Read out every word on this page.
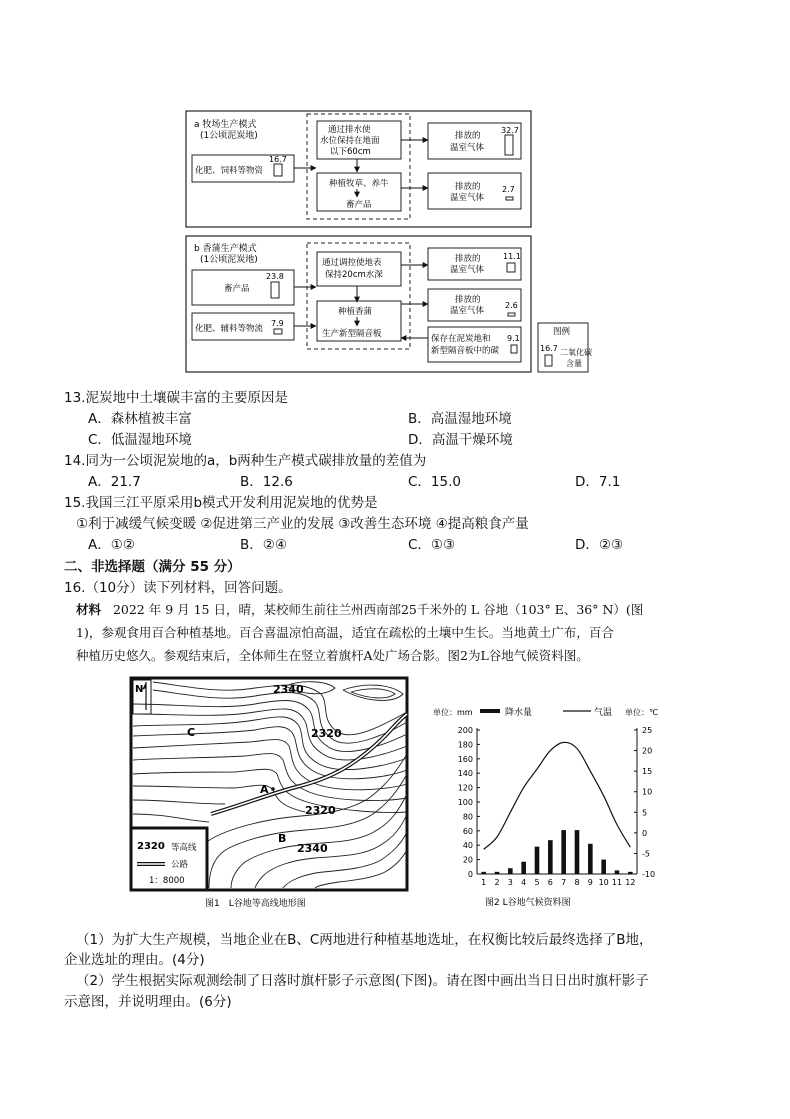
a 牧场生产模式
(1公顷泥炭地)
化肥、饲料等物资
16.7
通过排水使
水位保持在地面
以下60cm
种植牧草、养牛
畜产品
排放的
温室气体
32.7
排放的
温室气体
2.7
b 香蒲生产模式
(1公顷泥炭地)
畜产品
23.8
化肥、辅料等物流
7.9
通过调控使地表
保持20cm水深
种植香蒲
生产新型隔音板
排放的
温室气体
11.1
排放的
温室气体
2.6
保存在泥炭地和
新型隔音板中的碳
9.1
图例
16.7 二氧化碳
含量
13.泥炭地中土壤碳丰富的主要原因是
A．森林植被丰富	B．高温湿地环境
C．低温湿地环境	D．高温干燥环境
14.同为一公顷泥炭地的a，b两种生产模式碳排放量的差值为
A．21.7	B．12.6	C．15.0	D．7.1
15.我国三江平原采用b模式开发利用泥炭地的优势是
①利于减缓气候变暖 ②促进第三产业的发展 ③改善生态环境 ④提高粮食产量
A．①②	B．②④	C．①③	D．②③
二、非选择题（满分 55 分）
16.（10分）读下列材料，回答问题。
材料 2022 年 9 月 15 日，晴，某校师生前往兰州西南部25千米外的 L 谷地（103° E、36° N）(图
1)，参观食用百合种植基地。百合喜温凉怕高温，适宜在疏松的土壤中生长。当地黄土广布，百合
种植历史悠久。参观结束后，全体师生在竖立着旗杆A处广场合影。图2为L谷地气候资料图。
N	2340
2320
C
A
2320
B
2340
2320 等高线
公路
1：8000
图1　L谷地等高线地形图
单位：mm	降水量	气温 单位：℃
200
180
160
140
120
100
80
60
40
20
0
25
20
15
10
5
0
-5
-10
1 2 3 4 5 6 7 8 9 10 11 12
图2 L谷地气候资料图
（1）为扩大生产规模，当地企业在B、C两地进行种植基地选址，在权衡比较后最终选择了B地，
企业选址的理由。(4分)
（2）学生根据实际观测绘制了日落时旗杆影子示意图(下图)。请在图中画出当日日出时旗杆影子
示意图，并说明理由。(6分)
